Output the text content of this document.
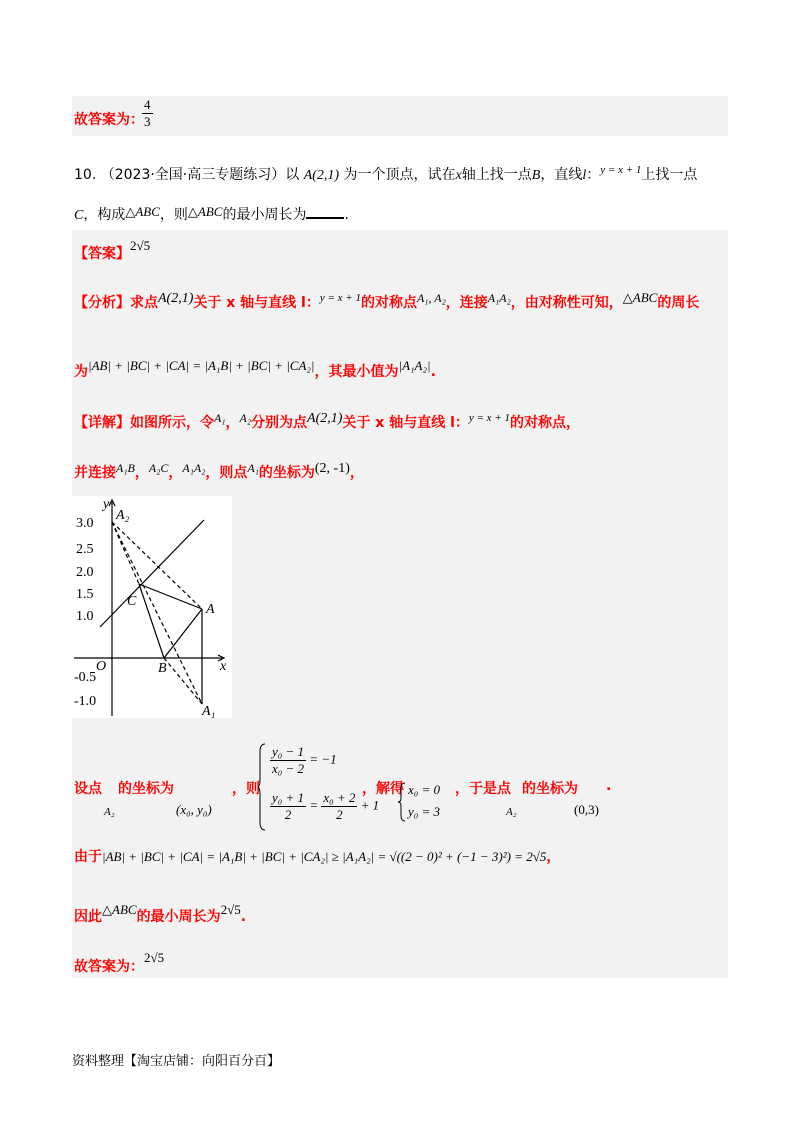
故答案为：
$\frac{4}{3}$
10. （2023·全国·高三专题练习）以 A(2,1) 为一个顶点，试在x轴上找一点B，直线l：$^{y = x + 1}$上找一点
C，构成△ABC，则△ABC的最小周长为	.
【答案】2√5
【分析】求点A(2,1)关于 x 轴与直线 l：$^{y = x + 1}$的对称点A₁, A₂，连接A₁A₂，由对称性可知，△ABC的周长
为|AB| + |BC| + |CA| = |A₁B| + |BC| + |CA₂|，其最小值为|A₁A₂|.
【详解】如图所示，令A₁，A₂分别为点A(2,1)关于 x 轴与直线 l：$^{y = x + 1}$的对称点，
并连接A₁B，A₂C，A₁A₂，则点A₁的坐标为(2, -1)，
3.0
2.5
2.0
1.5
1.0
-0.5
-1.0
y
x
O
A₂
C
A
B
A₁
设点
A₂
的坐标为
(x₀, y₀)
，则
$\frac{\text{y₀ − 1}}{\text{x₀ − 2}} = -1$
$\frac{\text{y₀ + 1}}{2} = \frac{\text{x₀ + 2}}{2} + 1$
，解得 x₀ = 0
y₀ = 3
，于是点
A₂
的坐标为
(0,3)
.
由于|AB| + |BC| + |CA| = |A₁B| + |BC| + |CA₂| ≥ |A₁A₂| = √((2 − 0)² + (−1 − 3)²) = 2√5，
因此△ABC的最小周长为2√5.
故答案为：2√5
资料整理【淘宝店铺：向阳百分百】
